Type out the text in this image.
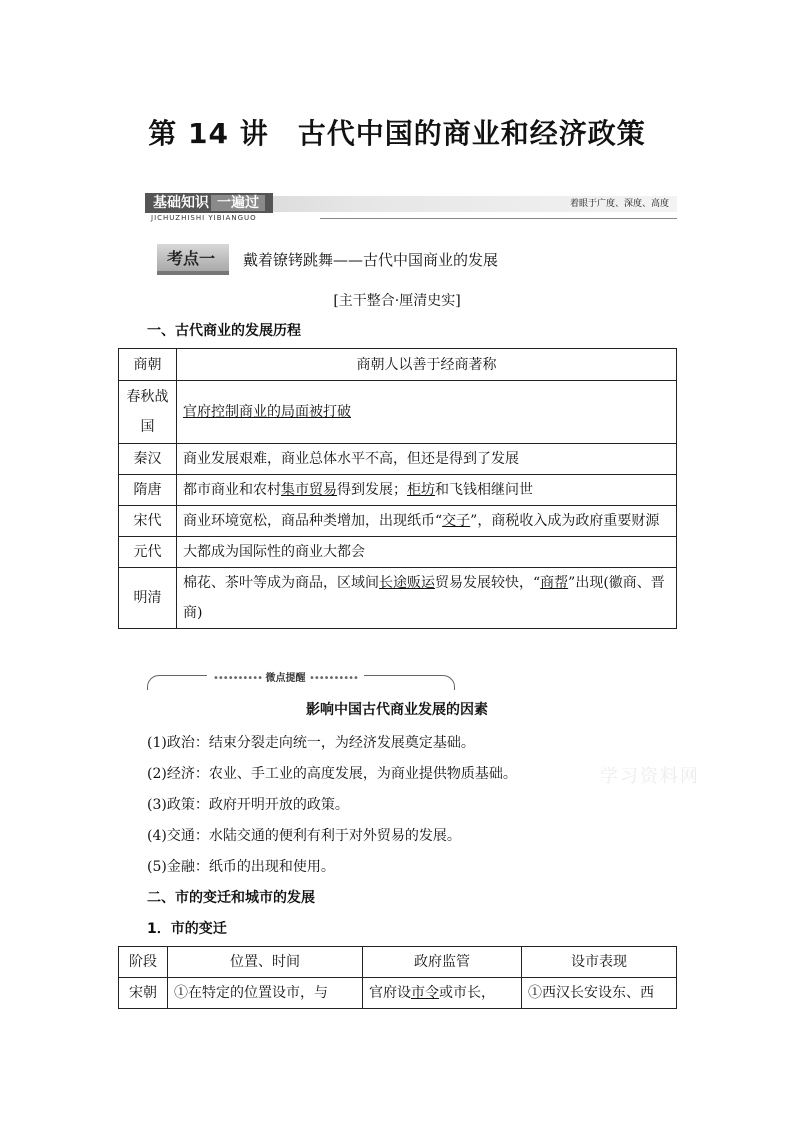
第 14 讲　古代中国的商业和经济政策
基础知识 一遍过	着眼于广度、深度、高度
JICHUZHISHI YIBIANGUO
考点一 戴着镣铐跳舞——古代中国商业的发展
[主干整合·厘清史实]
一、古代商业的发展历程
商朝	商朝人以善于经商著称
春秋战国	官府控制商业的局面被打破
秦汉	商业发展艰难，商业总体水平不高，但还是得到了发展
隋唐	都市商业和农村集市贸易得到发展；柜坊和飞钱相继问世
宋代	商业环境宽松，商品种类增加，出现纸币“交子”，商税收入成为政府重要财源
元代	大都成为国际性的商业大都会
明清	棉花、茶叶等成为商品，区域间长途贩运贸易发展较快，“商帮”出现(徽商、晋商)
•••••••••• 微点提醒 ••••••••••
影响中国古代商业发展的因素
(1)政治：结束分裂走向统一，为经济发展奠定基础。
(2)经济：农业、手工业的高度发展，为商业提供物质基础。
(3)政策：政府开明开放的政策。
(4)交通：水陆交通的便利有利于对外贸易的发展。
(5)金融：纸币的出现和使用。
学习资料网
二、市的变迁和城市的发展
1．市的变迁
阶段	位置、时间	政府监管	设市表现
宋朝	①在特定的位置设市，与	官府设市令或市长，	①西汉长安设东、西
